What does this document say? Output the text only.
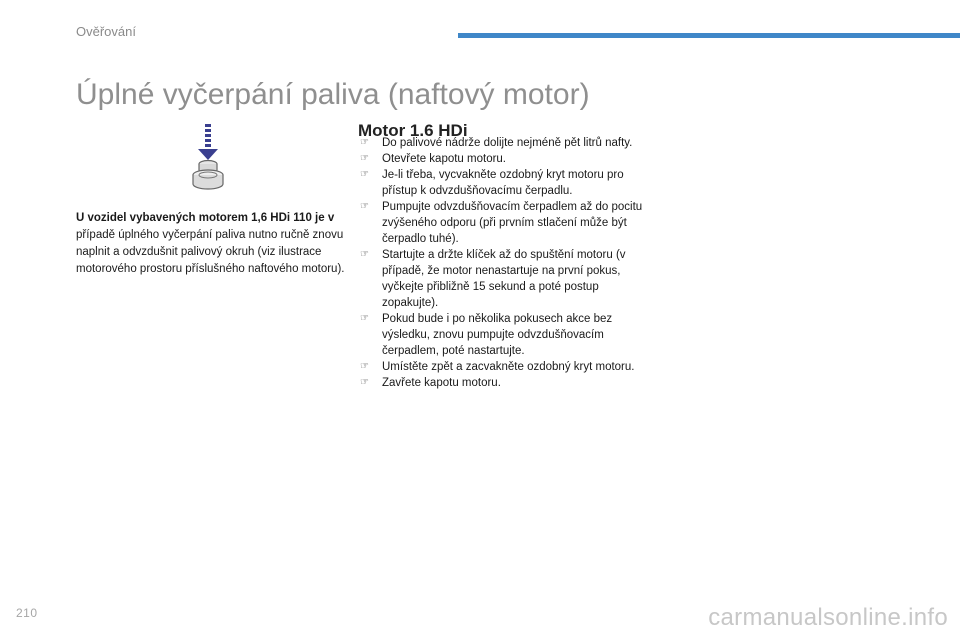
Ověřování
Úplné vyčerpání paliva (naftový motor)
U vozidel vybavených motorem 1,6 HDi 110 je v případě úplného vyčerpání paliva nutno ručně znovu naplnit a odvzdušnit palivový okruh (viz ilustrace motorového prostoru příslušného naftového motoru).
Motor 1.6 HDi
☞ Do palivové nádrže dolijte nejméně pět litrů nafty.
☞ Otevřete kapotu motoru.
☞ Je-li třeba, vycvakněte ozdobný kryt motoru pro přístup k odvzdušňovacímu čerpadlu.
☞ Pumpujte odvzdušňovacím čerpadlem až do pocitu zvýšeného odporu (při prvním stlačení může být čerpadlo tuhé).
☞ Startujte a držte klíček až do spuštění motoru (v případě, že motor nenastartuje na první pokus, vyčkejte přibližně 15 sekund a poté postup zopakujte).
☞ Pokud bude i po několika pokusech akce bez výsledku, znovu pumpujte odvzdušňovacím čerpadlem, poté nastartujte.
☞ Umístěte zpět a zacvakněte ozdobný kryt motoru.
☞ Zavřete kapotu motoru.
210	carmanualsonline.info
